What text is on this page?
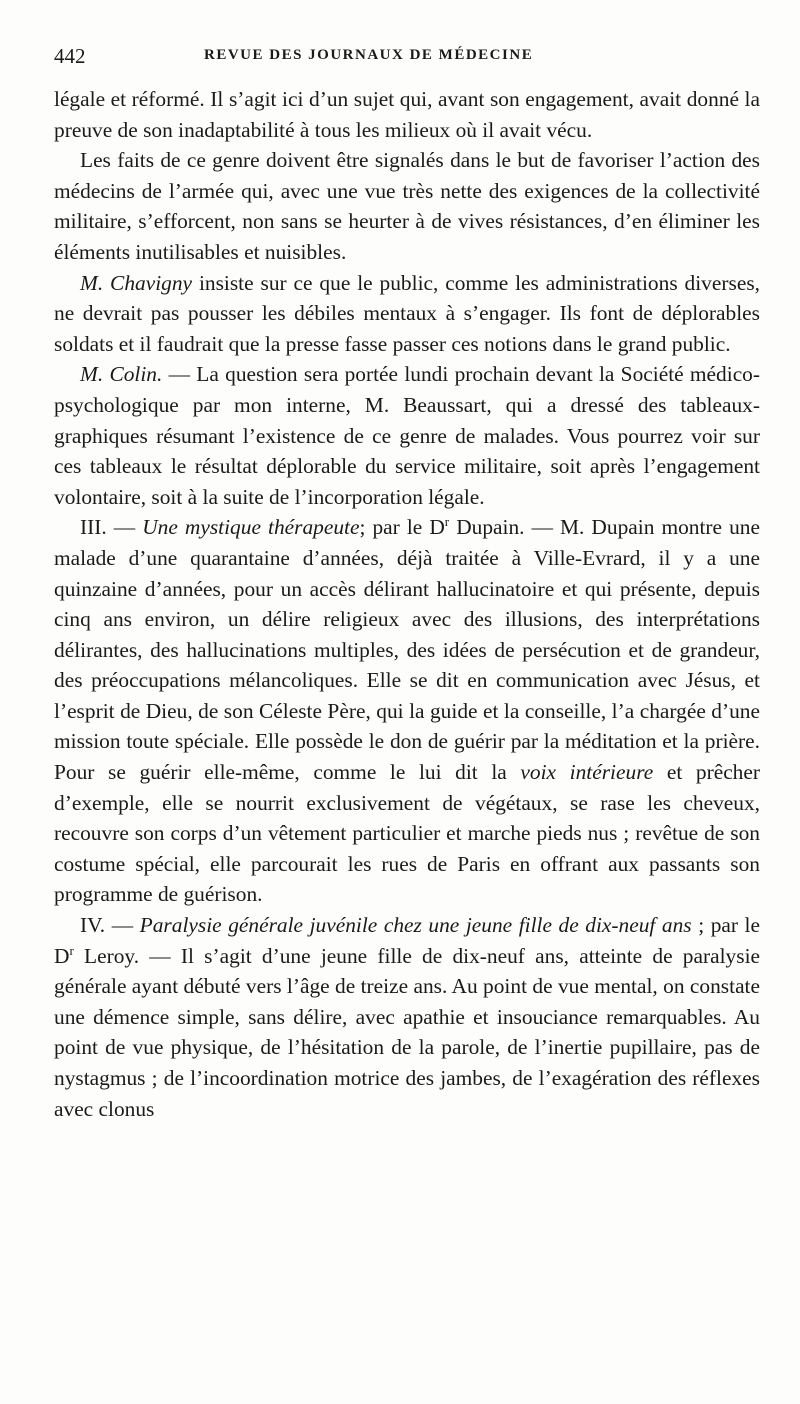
442	REVUE DES JOURNAUX DE MÉDECINE

légale et réformé. Il s’agit ici d’un sujet qui, avant son engagement, avait donné la preuve de son inadaptabilité à tous les milieux où il avait vécu.

Les faits de ce genre doivent être signalés dans le but de favoriser l’action des médecins de l’armée qui, avec une vue très nette des exigences de la collectivité militaire, s’efforcent, non sans se heurter à de vives résistances, d’en éliminer les éléments inutilisables et nuisibles.

M. Chavigny insiste sur ce que le public, comme les administrations diverses, ne devrait pas pousser les débiles mentaux à s’engager. Ils font de déplorables soldats et il faudrait que la presse fasse passer ces notions dans le grand public.

M. Colin. — La question sera portée lundi prochain devant la Société médico-psychologique par mon interne, M. Beaussart, qui a dressé des tableaux-graphiques résumant l’existence de ce genre de malades. Vous pourrez voir sur ces tableaux le résultat déplorable du service militaire, soit après l’engagement volontaire, soit à la suite de l’incorporation légale.

III. — Une mystique thérapeute; par le $D^r$ Dupain. — M. Dupain montre une malade d’une quarantaine d’années, déjà traitée à Ville-Evrard, il y a une quinzaine d’années, pour un accès délirant hallucinatoire et qui présente, depuis cinq ans environ, un délire religieux avec des illusions, des interprétations délirantes, des hallucinations multiples, des idées de persécution et de grandeur, des préoccupations mélancoliques. Elle se dit en communication avec Jésus, et l’esprit de Dieu, de son Céleste Père, qui la guide et la conseille, l’a chargée d’une mission toute spéciale. Elle possède le don de guérir par la méditation et la prière. Pour se guérir elle-même, comme le lui dit la voix intérieure et prêcher d’exemple, elle se nourrit exclusivement de végétaux, se rase les cheveux, recouvre son corps d’un vêtement particulier et marche pieds nus ; revêtue de son costume spécial, elle parcourait les rues de Paris en offrant aux passants son programme de guérison.

IV. — Paralysie générale juvénile chez une jeune fille de dix-neuf ans ; par le $D^r$ Leroy. — Il s’agit d’une jeune fille de dix-neuf ans, atteinte de paralysie générale ayant débuté vers l’âge de treize ans. Au point de vue mental, on constate une démence simple, sans délire, avec apathie et insouciance remarquables. Au point de vue physique, de l’hésitation de la parole, de l’inertie pupillaire, pas de nystagmus ; de l’incoordination motrice des jambes, de l’exagération des réflexes avec clonus
